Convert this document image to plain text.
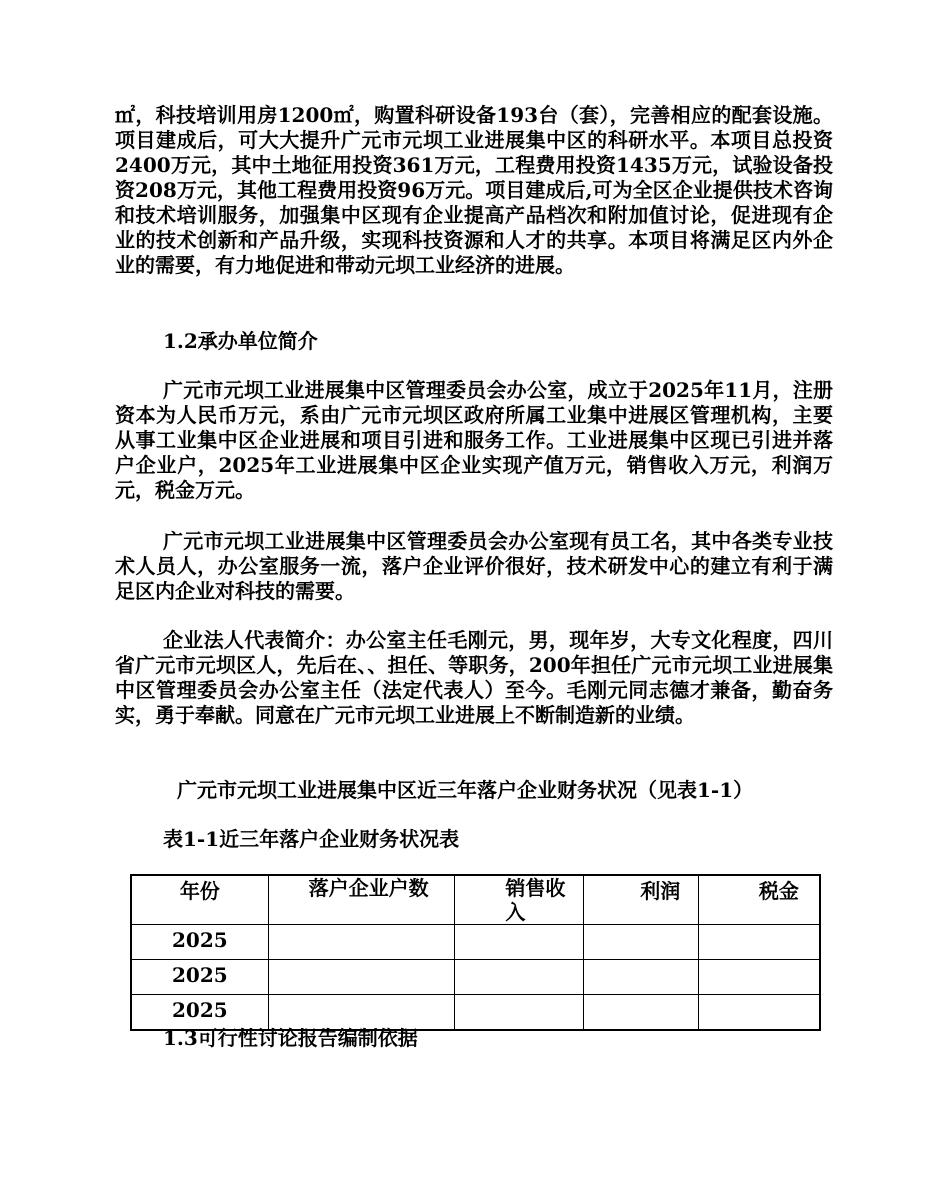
㎡，科技培训用房1200㎡，购置科研设备193台（套），完善相应的配套设施。项目建成后，可大大提升广元市元坝工业进展集中区的科研水平。本项目总投资2400万元，其中土地征用投资361万元，工程费用投资1435万元，试验设备投资208万元，其他工程费用投资96万元。项目建成后,可为全区企业提供技术咨询和技术培训服务，加强集中区现有企业提高产品档次和附加值讨论，促进现有企业的技术创新和产品升级，实现科技资源和人才的共享。本项目将满足区内外企业的需要，有力地促进和带动元坝工业经济的进展。

1.2承办单位简介

广元市元坝工业进展集中区管理委员会办公室，成立于2025年11月，注册资本为人民币万元，系由广元市元坝区政府所属工业集中进展区管理机构，主要从事工业集中区企业进展和项目引进和服务工作。工业进展集中区现已引进并落户企业户，2025年工业进展集中区企业实现产值万元，销售收入万元，利润万元，税金万元。

广元市元坝工业进展集中区管理委员会办公室现有员工名，其中各类专业技术人员人，办公室服务一流，落户企业评价很好，技术研发中心的建立有利于满足区内企业对科技的需要。

企业法人代表简介：办公室主任毛刚元，男，现年岁，大专文化程度，四川省广元市元坝区人，先后在、、担任、等职务，200年担任广元市元坝工业进展集中区管理委员会办公室主任（法定代表人）至今。毛刚元同志德才兼备，勤奋务实，勇于奉献。同意在广元市元坝工业进展上不断制造新的业绩。

广元市元坝工业进展集中区近三年落户企业财务状况（见表1-1）

表1-1近三年落户企业财务状况表

年份	落户企业户数	销售收入	利润	税金
2025				
2025				
2025				

1.3可行性讨论报告编制依据
